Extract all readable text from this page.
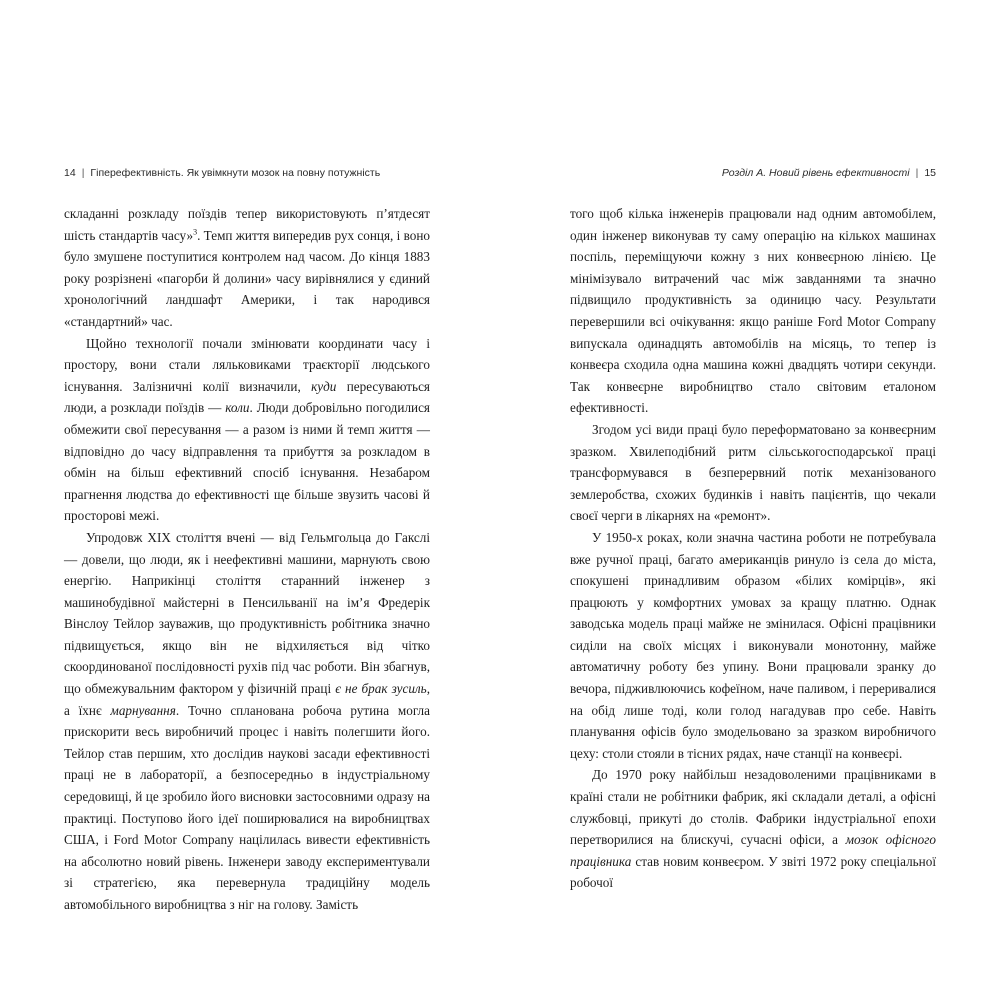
14 | Гіперефективність. Як увімкнути мозок на повну потужність	Розділ А. Новий рівень ефективності | 15

складанні розкладу поїздів тепер використовують п’ятдесят шість стандартів часу»$^3$. Темп життя випередив рух сонця, і воно було змушене поступитися контролем над часом. До кінця 1883 року розрізнені «пагорби й долини» часу вирівнялися у єдиний хронологічний ландшафт Америки, і так народився «стандартний» час.

Щойно технології почали змінювати координати часу і простору, вони стали ляльковиками траєкторії людського існування. Залізничні колії визначили, куди пересуваються люди, а розклади поїздів — коли. Люди добровільно погодилися обмежити свої пересування — а разом із ними й темп життя — відповідно до часу відправлення та прибуття за розкладом в обмін на більш ефективний спосіб існування. Незабаром прагнення людства до ефективності ще більше звузить часові й просторові межі.

Упродовж XIX століття вчені — від Гельмгольца до Гакслі — довели, що люди, як і неефективні машини, марнують свою енергію. Наприкінці століття старанний інженер з машинобудівної майстерні в Пенсильванії на ім’я Фредерік Вінслоу Тейлор зауважив, що продуктивність робітника значно підвищується, якщо він не відхиляється від чітко скоординованої послідовності рухів під час роботи. Він збагнув, що обмежувальним фактором у фізичній праці є не брак зусиль, а їхнє марнування. Точно спланована робоча рутина могла прискорити весь виробничий процес і навіть полегшити його. Тейлор став першим, хто дослідив наукові засади ефективності праці не в лабораторії, а безпосередньо в індустріальному середовищі, й це зробило його висновки застосовними одразу на практиці. Поступово його ідеї поширювалися на виробництвах США, і Ford Motor Company націлилась вивести ефективність на абсолютно новий рівень. Інженери заводу експериментували зі стратегією, яка перевернула традиційну модель автомобільного виробництва з ніг на голову. Замість

того щоб кілька інженерів працювали над одним автомобілем, один інженер виконував ту саму операцію на кількох машинах поспіль, переміщуючи кожну з них конвеєрною лінією. Це мінімізувало витрачений час між завданнями та значно підвищило продуктивність за одиницю часу. Результати перевершили всі очікування: якщо раніше Ford Motor Company випускала одинадцять автомобілів на місяць, то тепер із конвеєра сходила одна машина кожні двадцять чотири секунди. Так конвеєрне виробництво стало світовим еталоном ефективності.

Згодом усі види праці було переформатовано за конвеєрним зразком. Хвилеподібний ритм сільськогосподарської праці трансформувався в безперервний потік механізованого землеробства, схожих будинків і навіть пацієнтів, що чекали своєї черги в лікарнях на «ремонт».

У 1950-х роках, коли значна частина роботи не потребувала вже ручної праці, багато американців ринуло із села до міста, спокушені принадливим образом «білих комірців», які працюють у комфортних умовах за кращу платню. Однак заводська модель праці майже не змінилася. Офісні працівники сиділи на своїх місцях і виконували монотонну, майже автоматичну роботу без упину. Вони працювали зранку до вечора, підживлюючись кофеїном, наче паливом, і переривалися на обід лише тоді, коли голод нагадував про себе. Навіть планування офісів було змодельовано за зразком виробничого цеху: столи стояли в тісних рядах, наче станції на конвеєрі.

До 1970 року найбільш незадоволеними працівниками в країні стали не робітники фабрик, які складали деталі, а офісні службовці, прикуті до столів. Фабрики індустріальної епохи перетворилися на блискучі, сучасні офіси, а мозок офісного працівника став новим конвеєром. У звіті 1972 року спеціальної робочої
